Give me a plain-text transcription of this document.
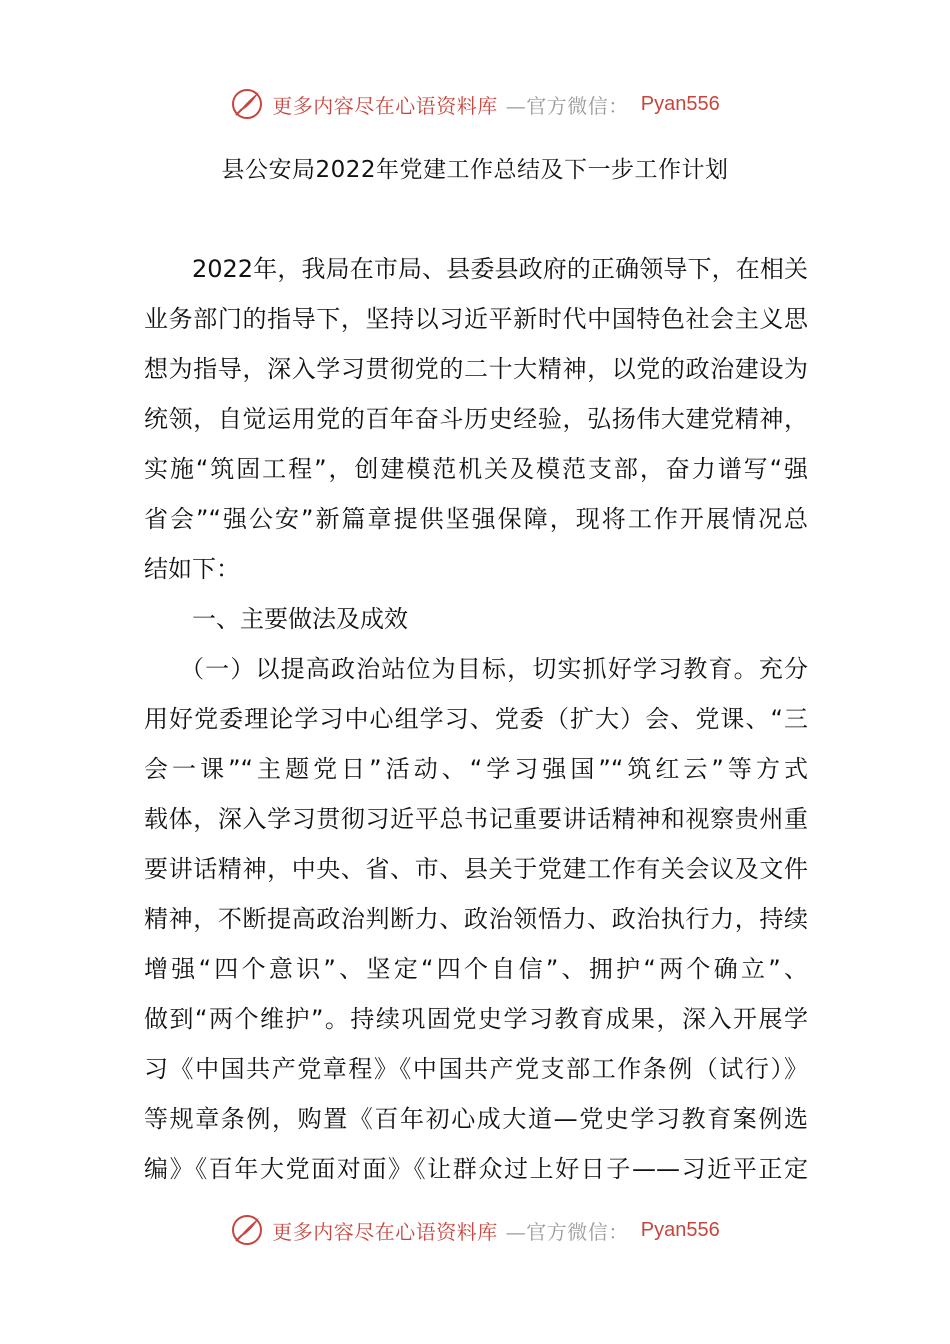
更多内容尽在心语资料库 —官方微信： Pyan556
县公安局2022年党建工作总结及下一步工作计划
2022年，我局在市局、县委县政府的正确领导下，在相关
业务部门的指导下，坚持以习近平新时代中国特色社会主义思
想为指导，深入学习贯彻党的二十大精神，以党的政治建设为
统领，自觉运用党的百年奋斗历史经验，弘扬伟大建党精神，
实施“筑固工程”，创建模范机关及模范支部，奋力谱写“强
省会”“强公安”新篇章提供坚强保障，现将工作开展情况总
结如下：
一、主要做法及成效
（一）以提高政治站位为目标，切实抓好学习教育。充分
用好党委理论学习中心组学习、党委（扩大）会、党课、“三
会一课”“主题党日”活动、“学习强国”“筑红云”等方式
载体，深入学习贯彻习近平总书记重要讲话精神和视察贵州重
要讲话精神，中央、省、市、县关于党建工作有关会议及文件
精神，不断提高政治判断力、政治领悟力、政治执行力，持续
增强“四个意识”、坚定“四个自信”、拥护“两个确立”、
做到“两个维护”。持续巩固党史学习教育成果，深入开展学
习《中国共产党章程》《中国共产党支部工作条例（试行）》
等规章条例，购置《百年初心成大道—党史学习教育案例选
编》《百年大党面对面》《让群众过上好日子——习近平正定
更多内容尽在心语资料库 —官方微信： Pyan556
